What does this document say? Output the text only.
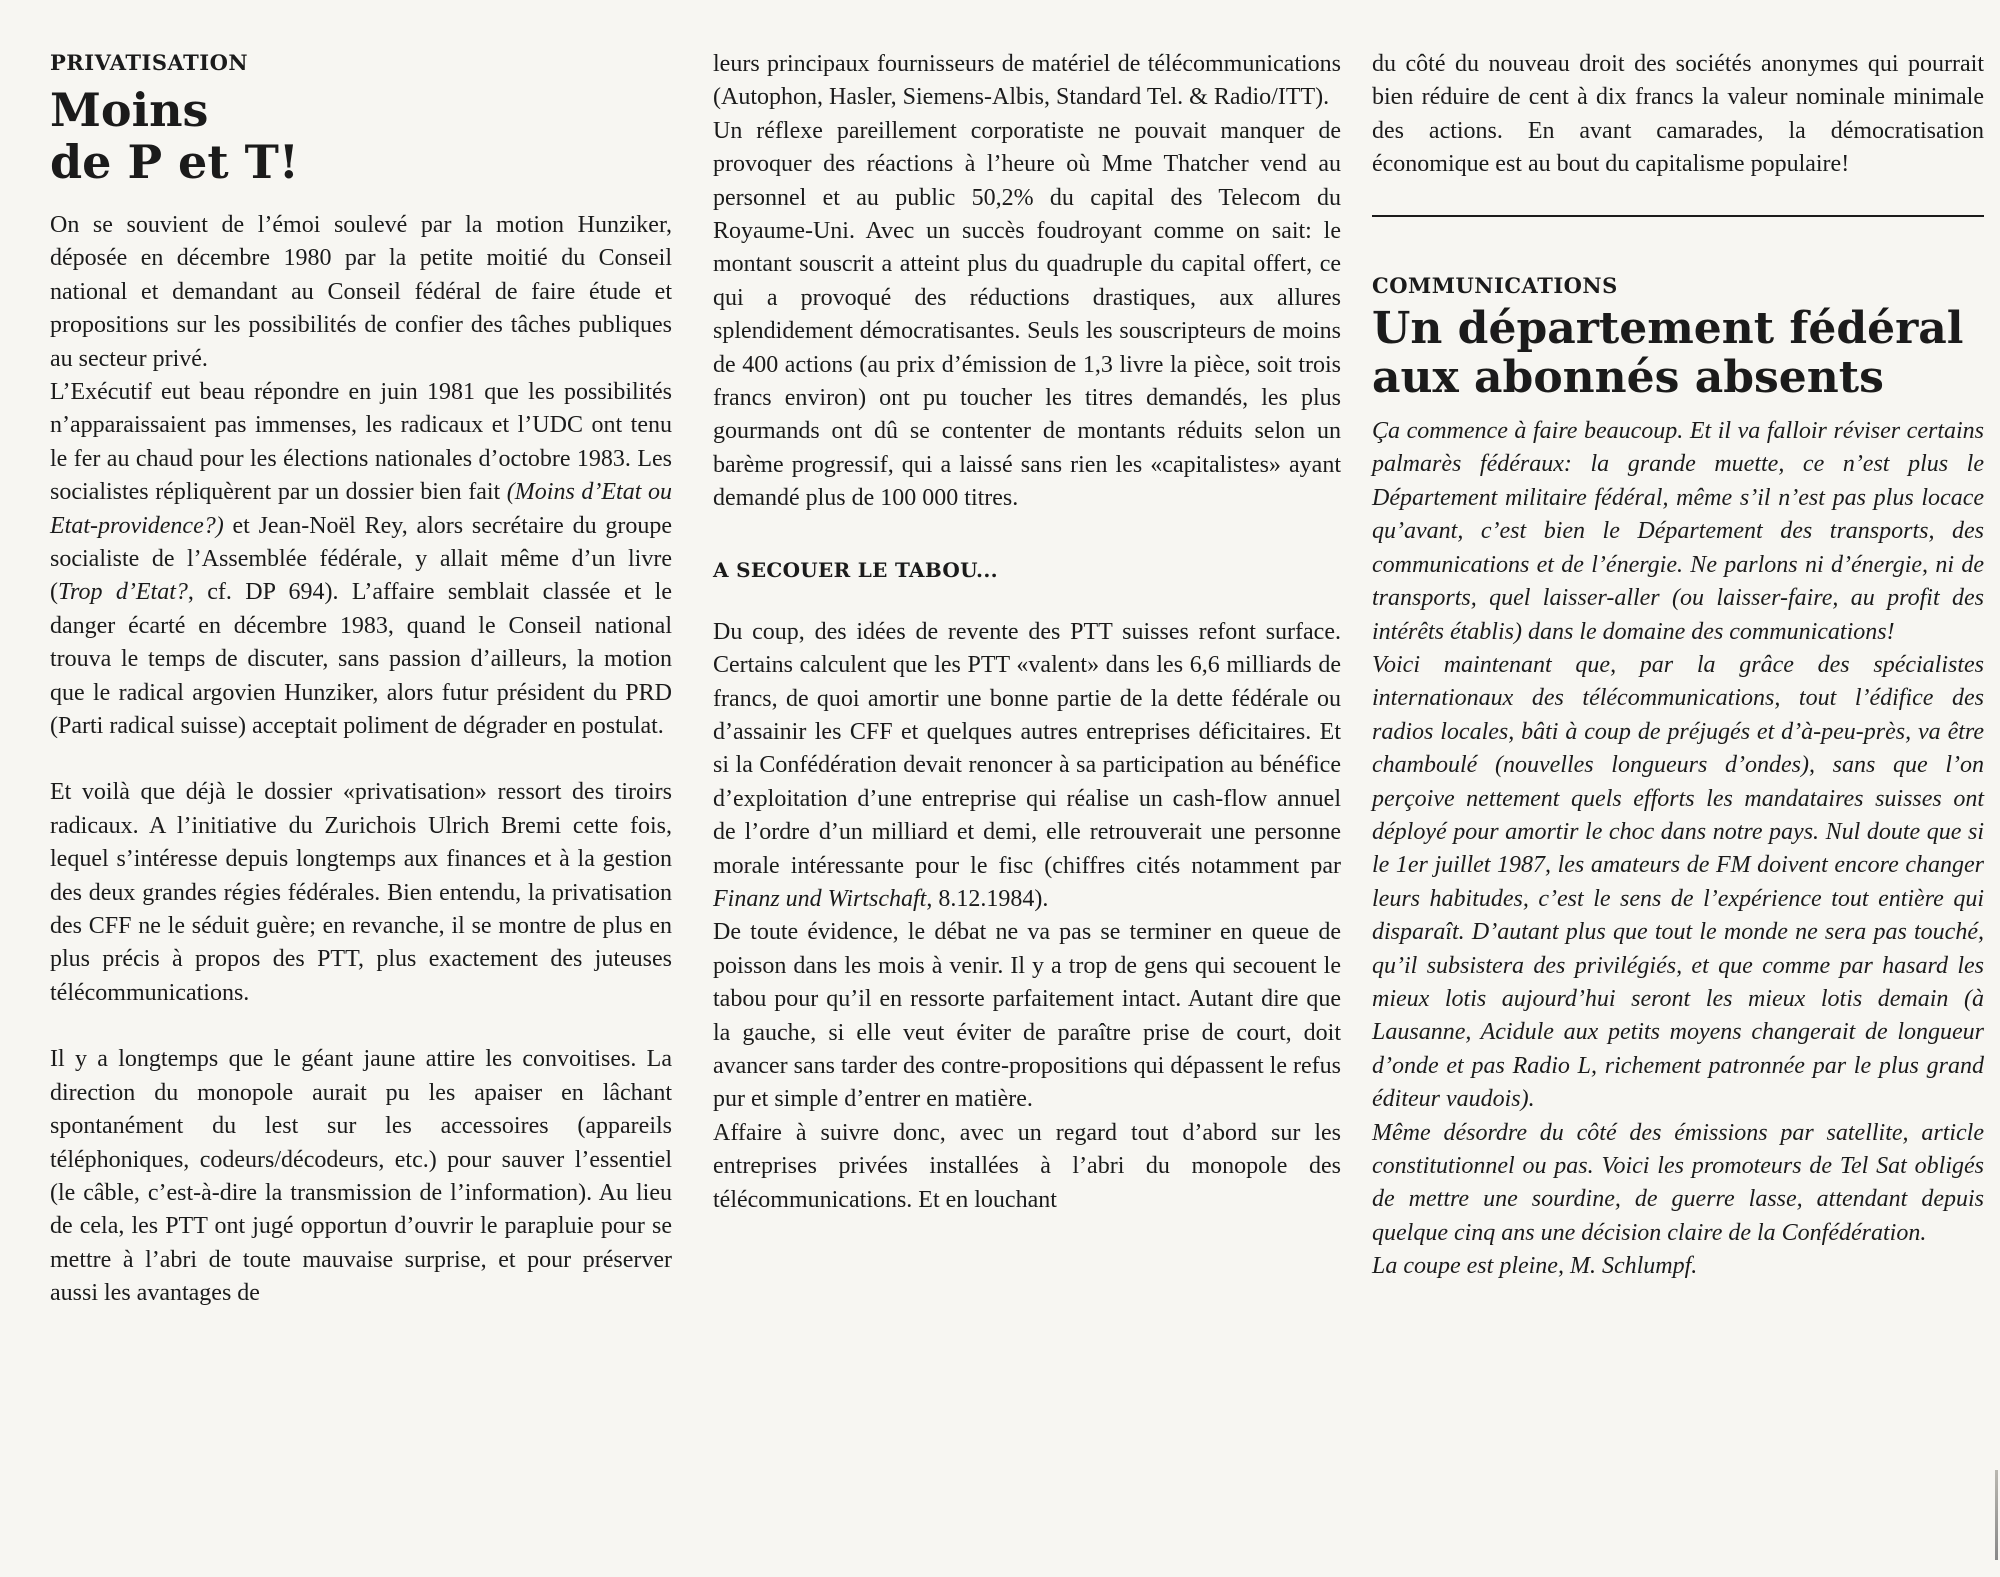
PRIVATISATION
Moins
de P et T!

On se souvient de l’émoi soulevé par la motion Hunziker, déposée en décembre 1980 par la petite moitié du Conseil national et demandant au Conseil fédéral de faire étude et propositions sur les possibilités de confier des tâches publiques au secteur privé.

L’Exécutif eut beau répondre en juin 1981 que les possibilités n’apparaissaient pas immenses, les radicaux et l’UDC ont tenu le fer au chaud pour les élections nationales d’octobre 1983. Les socialistes répliquèrent par un dossier bien fait (Moins d’Etat ou Etat-providence?) et Jean-Noël Rey, alors secrétaire du groupe socialiste de l’Assemblée fédérale, y allait même d’un livre (Trop d’Etat?, cf. DP 694). L’affaire semblait classée et le danger écarté en décembre 1983, quand le Conseil national trouva le temps de discuter, sans passion d’ailleurs, la motion que le radical argovien Hunziker, alors futur président du PRD (Parti radical suisse) acceptait poliment de dégrader en postulat.

Et voilà que déjà le dossier «privatisation» ressort des tiroirs radicaux. A l’initiative du Zurichois Ulrich Bremi cette fois, lequel s’intéresse depuis longtemps aux finances et à la gestion des deux grandes régies fédérales. Bien entendu, la privatisation des CFF ne le séduit guère; en revanche, il se montre de plus en plus précis à propos des PTT, plus exactement des juteuses télécommunications.

Il y a longtemps que le géant jaune attire les convoitises. La direction du monopole aurait pu les apaiser en lâchant spontanément du lest sur les accessoires (appareils téléphoniques, codeurs/décodeurs, etc.) pour sauver l’essentiel (le câble, c’est-à-dire la transmission de l’information). Au lieu de cela, les PTT ont jugé opportun d’ouvrir le parapluie pour se mettre à l’abri de toute mauvaise surprise, et pour préserver aussi les avantages de

leurs principaux fournisseurs de matériel de télécommunications (Autophon, Hasler, Siemens-Albis, Standard Tel. & Radio/ITT).

Un réflexe pareillement corporatiste ne pouvait manquer de provoquer des réactions à l’heure où Mme Thatcher vend au personnel et au public 50,2% du capital des Telecom du Royaume-Uni. Avec un succès foudroyant comme on sait: le montant souscrit a atteint plus du quadruple du capital offert, ce qui a provoqué des réductions drastiques, aux allures splendidement démocratisantes. Seuls les souscripteurs de moins de 400 actions (au prix d’émission de 1,3 livre la pièce, soit trois francs environ) ont pu toucher les titres demandés, les plus gourmands ont dû se contenter de montants réduits selon un barème progressif, qui a laissé sans rien les «capitalistes» ayant demandé plus de 100 000 titres.

A SECOUER LE TABOU...

Du coup, des idées de revente des PTT suisses refont surface. Certains calculent que les PTT «valent» dans les 6,6 milliards de francs, de quoi amortir une bonne partie de la dette fédérale ou d’assainir les CFF et quelques autres entreprises déficitaires. Et si la Confédération devait renoncer à sa participation au bénéfice d’exploitation d’une entreprise qui réalise un cash-flow annuel de l’ordre d’un milliard et demi, elle retrouverait une personne morale intéressante pour le fisc (chiffres cités notamment par Finanz und Wirtschaft, 8.12.1984).

De toute évidence, le débat ne va pas se terminer en queue de poisson dans les mois à venir. Il y a trop de gens qui secouent le tabou pour qu’il en ressorte parfaitement intact. Autant dire que la gauche, si elle veut éviter de paraître prise de court, doit avancer sans tarder des contre-propositions qui dépassent le refus pur et simple d’entrer en matière.

Affaire à suivre donc, avec un regard tout d’abord sur les entreprises privées installées à l’abri du monopole des télécommunications. Et en louchant

du côté du nouveau droit des sociétés anonymes qui pourrait bien réduire de cent à dix francs la valeur nominale minimale des actions. En avant camarades, la démocratisation économique est au bout du capitalisme populaire!

COMMUNICATIONS
Un département fédéral
aux abonnés absents

Ça commence à faire beaucoup. Et il va falloir réviser certains palmarès fédéraux: la grande muette, ce n’est plus le Département militaire fédéral, même s’il n’est pas plus locace qu’avant, c’est bien le Département des transports, des communications et de l’énergie. Ne parlons ni d’énergie, ni de transports, quel laisser-aller (ou laisser-faire, au profit des intérêts établis) dans le domaine des communications!

Voici maintenant que, par la grâce des spécialistes internationaux des télécommunications, tout l’édifice des radios locales, bâti à coup de préjugés et d’à-peu-près, va être chamboulé (nouvelles longueurs d’ondes), sans que l’on perçoive nettement quels efforts les mandataires suisses ont déployé pour amortir le choc dans notre pays. Nul doute que si le 1er juillet 1987, les amateurs de FM doivent encore changer leurs habitudes, c’est le sens de l’expérience tout entière qui disparaît. D’autant plus que tout le monde ne sera pas touché, qu’il subsistera des privilégiés, et que comme par hasard les mieux lotis aujourd’hui seront les mieux lotis demain (à Lausanne, Acidule aux petits moyens changerait de longueur d’onde et pas Radio L, richement patronnée par le plus grand éditeur vaudois).

Même désordre du côté des émissions par satellite, article constitutionnel ou pas. Voici les promoteurs de Tel Sat obligés de mettre une sourdine, de guerre lasse, attendant depuis quelque cinq ans une décision claire de la Confédération.

La coupe est pleine, M. Schlumpf.
